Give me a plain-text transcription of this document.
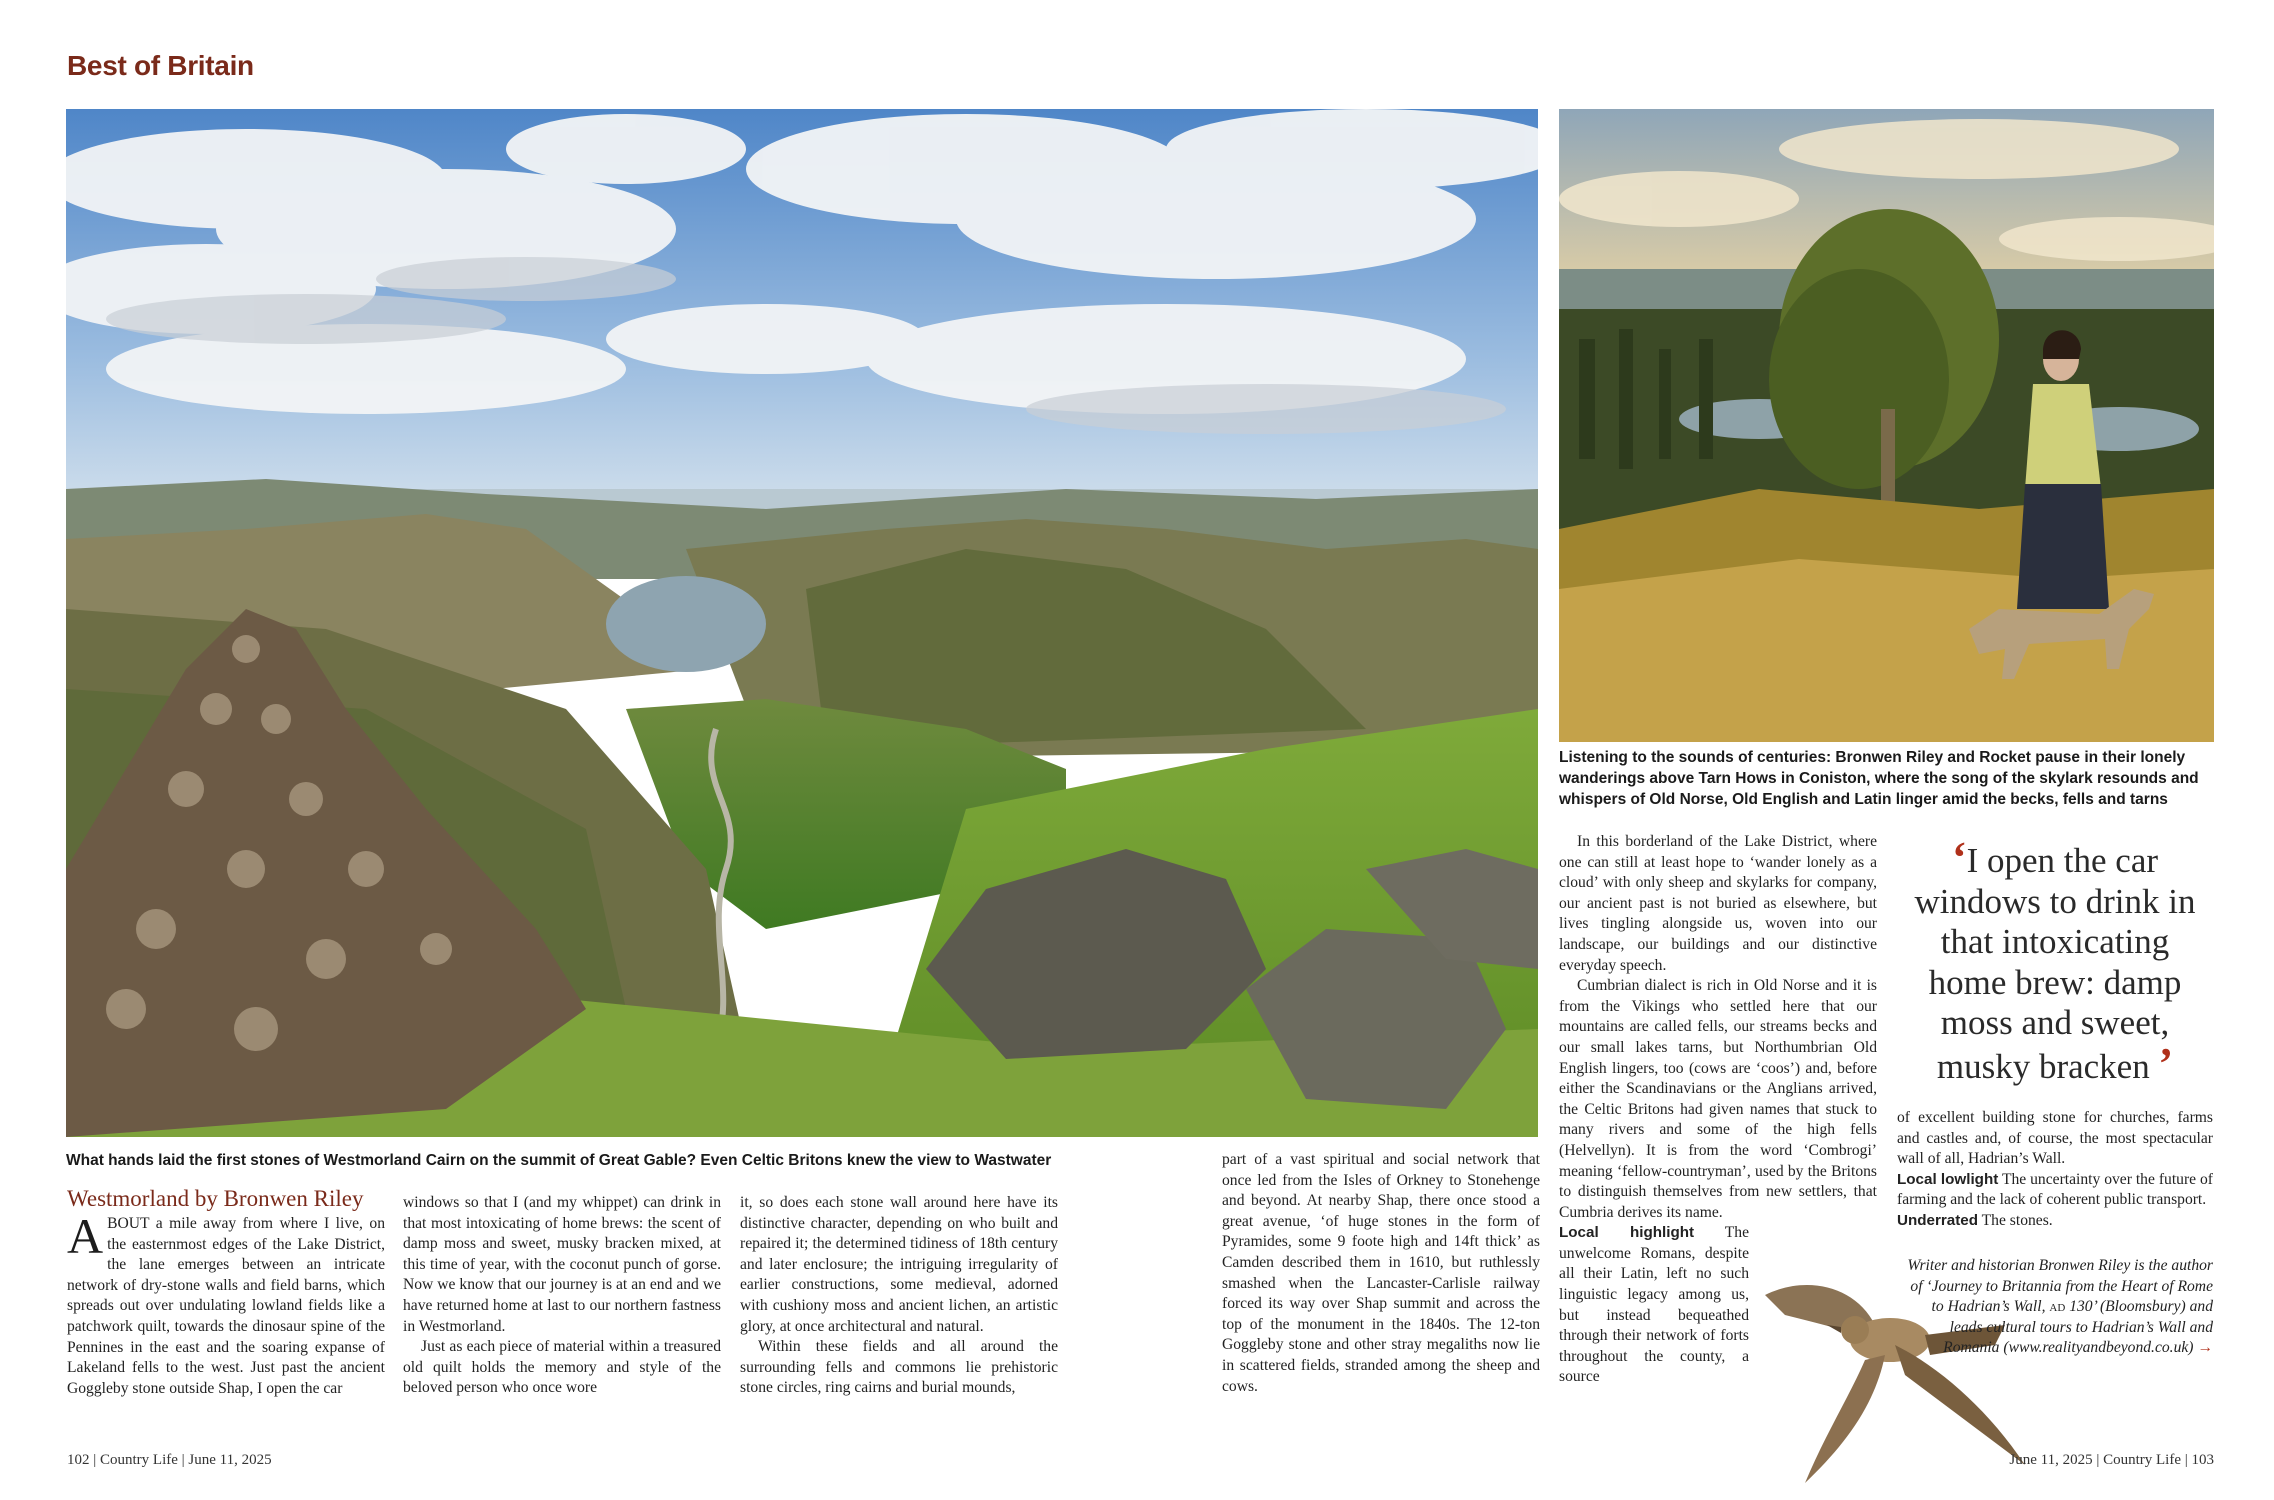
Best of Britain
What hands laid the first stones of Westmorland Cairn on the summit of Great Gable? Even Celtic Britons knew the view to Wastwater
Listening to the sounds of centuries: Bronwen Riley and Rocket pause in their lonely wanderings above Tarn Hows in Coniston, where the song of the skylark resounds and whispers of Old Norse, Old English and Latin linger amid the becks, fells and tarns
Westmorland by Bronwen Riley

ABOUT a mile away from where I live, on the easternmost edges of the Lake District, the lane emerges between an intricate network of dry-stone walls and field barns, which spreads out over undulating lowland fields like a patchwork quilt, towards the dinosaur spine of the Pennines in the east and the soaring expanse of Lakeland fells to the west. Just past the ancient Goggleby stone outside Shap, I open the car

windows so that I (and my whippet) can drink in that most intoxicating of home brews: the scent of damp moss and sweet, musky bracken mixed, at this time of year, with the coconut punch of gorse. Now we know that our journey is at an end and we have returned home at last to our northern fastness in Westmorland.

Just as each piece of material within a treasured old quilt holds the memory and style of the beloved person who once wore

it, so does each stone wall around here have its distinctive character, depending on who built and repaired it; the determined tidiness of 18th century and later enclosure; the intriguing irregularity of earlier constructions, some medieval, adorned with cushiony moss and ancient lichen, an artistic glory, at once architectural and natural.

Within these fields and all around the surrounding fells and commons lie prehistoric stone circles, ring cairns and burial mounds,

part of a vast spiritual and social network that once led from the Isles of Orkney to Stonehenge and beyond. At nearby Shap, there once stood a great avenue, ‘of huge stones in the form of Pyramides, some 9 foote high and 14ft thick’ as Camden described them in 1610, but ruthlessly smashed when the Lancaster-Carlisle railway forced its way over Shap summit and across the top of the monument in the 1840s. The 12-ton Goggleby stone and other stray megaliths now lie in scattered fields, stranded among the sheep and cows.

In this borderland of the Lake District, where one can still at least hope to ‘wander lonely as a cloud’ with only sheep and skylarks for company, our ancient past is not buried as elsewhere, but lives tingling alongside us, woven into our landscape, our buildings and our distinctive everyday speech.

Cumbrian dialect is rich in Old Norse and it is from the Vikings who settled here that our mountains are called fells, our streams becks and our small lakes tarns, but Northumbrian Old English lingers, too (cows are ‘coos’) and, before either the Scandinavians or the Anglians arrived, the Celtic Britons had given names that stuck to many rivers and some of the high fells (Helvellyn). It is from the word ‘Combrogi’ meaning ‘fellow-countryman’, used by the Britons to distinguish themselves from new settlers, that Cumbria derives its name.

Local highlight The unwelcome Romans, despite all their Latin, left no such linguistic legacy among us, but instead bequeathed through their network of forts throughout the county, a source

‘I open the car windows to drink in that intoxicating home brew: damp moss and sweet, musky bracken ’

of excellent building stone for churches, farms and castles and, of course, the most spectacular wall of all, Hadrian’s Wall.

Local lowlight The uncertainty over the future of farming and the lack of coherent public transport.

Underrated The stones.

Writer and historian Bronwen Riley is the author of ‘Journey to Britannia from the Heart of Rome to Hadrian’s Wall, ad 130’ (Bloomsbury) and leads cultural tours to Hadrian’s Wall and Romania (www.realityandbeyond.co.uk) →
102 | Country Life | June 11, 2025	June 11, 2025 | Country Life | 103
